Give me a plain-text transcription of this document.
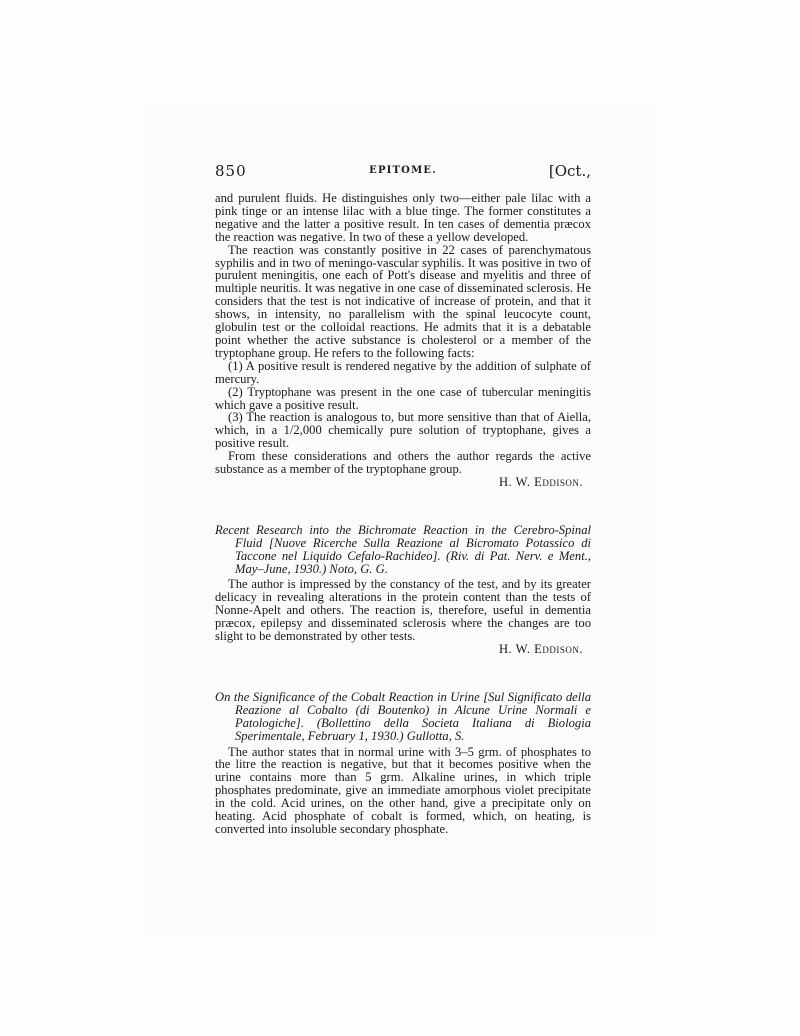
850	EPITOME.	[Oct.,

and purulent fluids. He distinguishes only two—either pale lilac with a pink tinge or an intense lilac with a blue tinge. The former constitutes a negative and the latter a positive result. In ten cases of dementia præcox the reaction was negative. In two of these a yellow developed.

The reaction was constantly positive in 22 cases of parenchymatous syphilis and in two of meningo-vascular syphilis. It was positive in two of purulent meningitis, one each of Pott's disease and myelitis and three of multiple neuritis. It was negative in one case of disseminated sclerosis. He considers that the test is not indicative of increase of protein, and that it shows, in intensity, no parallelism with the spinal leucocyte count, globulin test or the colloidal reactions. He admits that it is a debatable point whether the active substance is cholesterol or a member of the tryptophane group. He refers to the following facts:

(1) A positive result is rendered negative by the addition of sulphate of mercury.

(2) Tryptophane was present in the one case of tubercular meningitis which gave a positive result.

(3) The reaction is analogous to, but more sensitive than that of Aiella, which, in a 1/2,000 chemically pure solution of tryptophane, gives a positive result.

From these considerations and others the author regards the active substance as a member of the tryptophane group.

H. W. Eddison.

Recent Research into the Bichromate Reaction in the Cerebro-Spinal Fluid [Nuove Ricerche Sulla Reazione al Bicromato Potassico di Taccone nel Liquido Cefalo-Rachideo]. (Riv. di Pat. Nerv. e Ment., May–June, 1930.) Noto, G. G.

The author is impressed by the constancy of the test, and by its greater delicacy in revealing alterations in the protein content than the tests of Nonne-Apelt and others. The reaction is, therefore, useful in dementia præcox, epilepsy and disseminated sclerosis where the changes are too slight to be demonstrated by other tests.

H. W. Eddison.

On the Significance of the Cobalt Reaction in Urine [Sul Significato della Reazione al Cobalto (di Boutenko) in Alcune Urine Normali e Patologiche]. (Bollettino della Societa Italiana di Biologia Sperimentale, February 1, 1930.) Gullotta, S.

The author states that in normal urine with 3–5 grm. of phosphates to the litre the reaction is negative, but that it becomes positive when the urine contains more than 5 grm. Alkaline urines, in which triple phosphates predominate, give an immediate amorphous violet precipitate in the cold. Acid urines, on the other hand, give a precipitate only on heating. Acid phosphate of cobalt is formed, which, on heating, is converted into insoluble secondary phosphate.
